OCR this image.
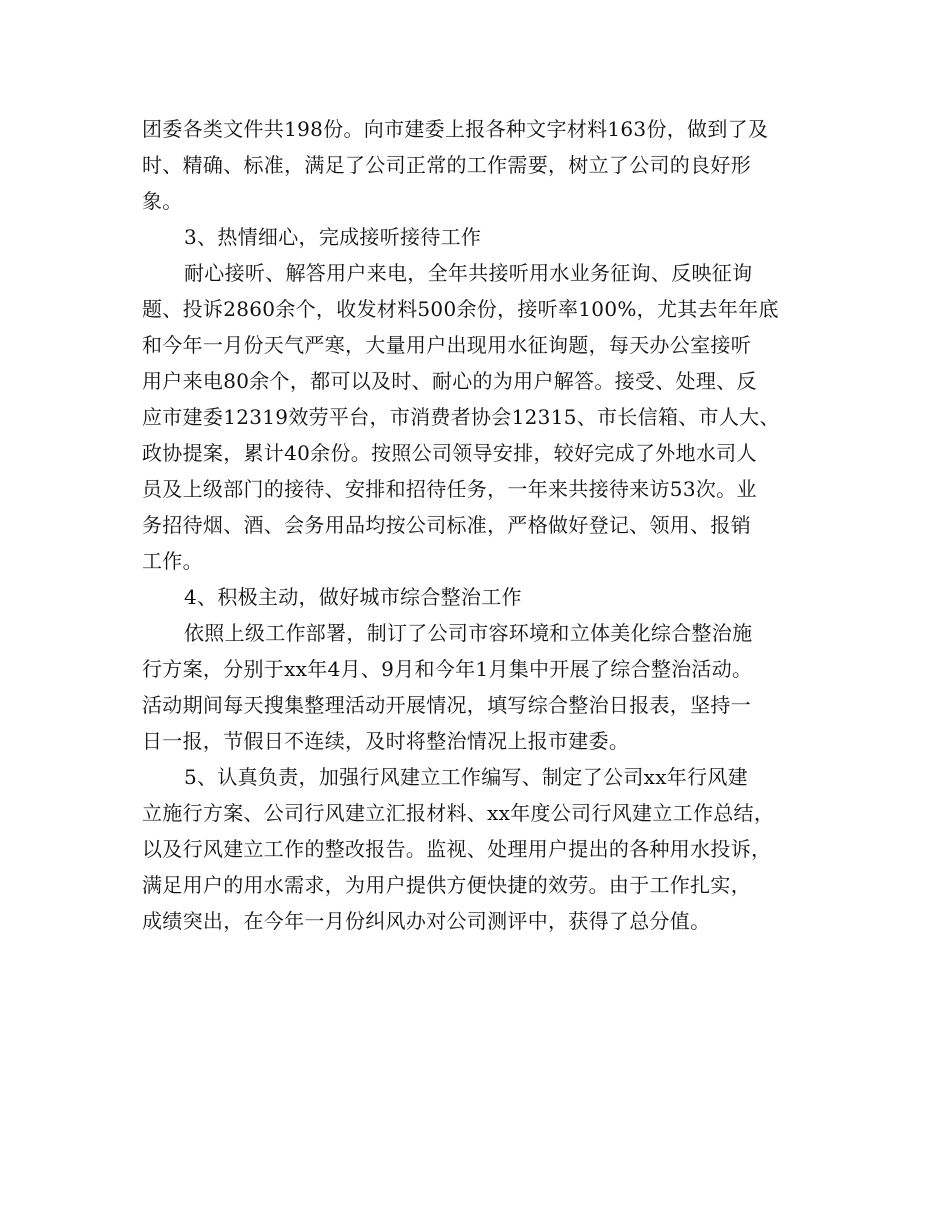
团委各类文件共198份。向市建委上报各种文字材料163份，做到了及
时、精确、标准，满足了公司正常的工作需要，树立了公司的良好形
象。
3、热情细心，完成接听接待工作
耐心接听、解答用户来电，全年共接听用水业务征询、反映征询
题、投诉2860余个，收发材料500余份，接听率100%，尤其去年年底
和今年一月份天气严寒，大量用户出现用水征询题，每天办公室接听
用户来电80余个，都可以及时、耐心的为用户解答。接受、处理、反
应市建委12319效劳平台，市消费者协会12315、市长信箱、市人大、
政协提案，累计40余份。按照公司领导安排，较好完成了外地水司人
员及上级部门的接待、安排和招待任务，一年来共接待来访53次。业
务招待烟、酒、会务用品均按公司标准，严格做好登记、领用、报销
工作。
4、积极主动，做好城市综合整治工作
依照上级工作部署，制订了公司市容环境和立体美化综合整治施
行方案，分别于xx年4月、9月和今年1月集中开展了综合整治活动。
活动期间每天搜集整理活动开展情况，填写综合整治日报表，坚持一
日一报，节假日不连续，及时将整治情况上报市建委。
5、认真负责，加强行风建立工作编写、制定了公司xx年行风建
立施行方案、公司行风建立汇报材料、xx年度公司行风建立工作总结，
以及行风建立工作的整改报告。监视、处理用户提出的各种用水投诉，
满足用户的用水需求，为用户提供方便快捷的效劳。由于工作扎实，
成绩突出，在今年一月份纠风办对公司测评中，获得了总分值。
